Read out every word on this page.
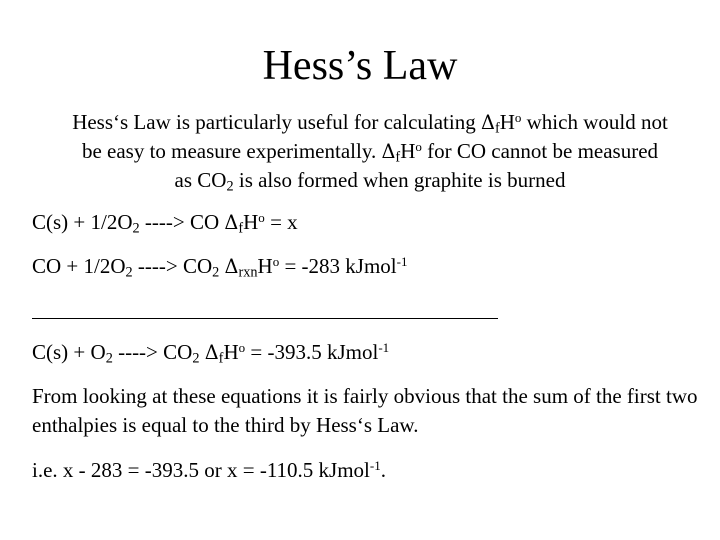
Hess’s Law
Hess‘s Law is particularly useful for calculating $\Delta_fH^o$ which would not
be easy to measure experimentally. $\Delta_fH^o$ for CO cannot be measured
as $CO_2$ is also formed when graphite is burned
$C(s) + 1/2O_2$ ----> CO $\Delta_fH^o = x$
CO + $1/2O_2$ ----> $CO_2$ $\Delta_{rxn}H^o = -283$ kJmol$^{-1}$
$C(s) + O_2$ ----> $CO_2$ $\Delta_fH^o = -393.5$ kJmol$^{-1}$
From looking at these equations it is fairly obvious that the sum of the first two enthalpies is equal to the third by Hess‘s Law.
i.e. x - 283 = -393.5 or x = -110.5 kJmol$^{-1}$.
